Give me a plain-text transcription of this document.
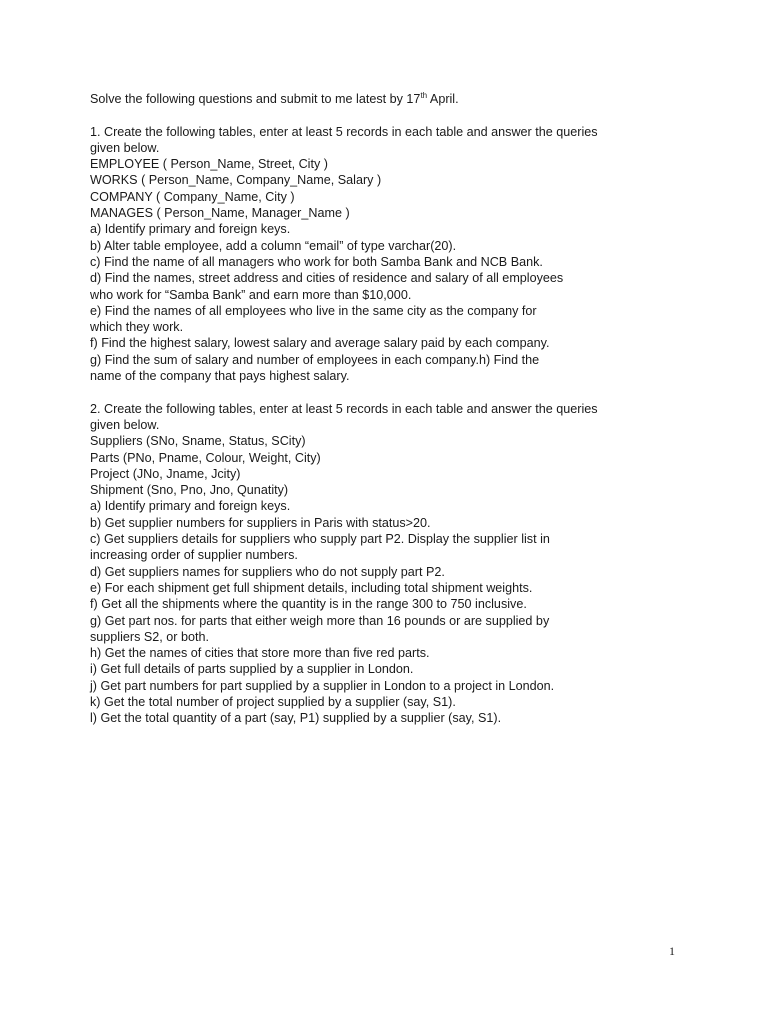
Solve the following questions and submit to me latest by 17th April.
1. Create the following tables, enter at least 5 records in each table and answer the queries
given below.
EMPLOYEE ( Person_Name, Street, City )
WORKS ( Person_Name, Company_Name, Salary )
COMPANY ( Company_Name, City )
MANAGES ( Person_Name, Manager_Name )
a) Identify primary and foreign keys.
b) Alter table employee, add a column “email” of type varchar(20).
c) Find the name of all managers who work for both Samba Bank and NCB Bank.
d) Find the names, street address and cities of residence and salary of all employees
who work for “Samba Bank” and earn more than $10,000.
e) Find the names of all employees who live in the same city as the company for
which they work.
f) Find the highest salary, lowest salary and average salary paid by each company.
g) Find the sum of salary and number of employees in each company.h) Find the
name of the company that pays highest salary.
2. Create the following tables, enter at least 5 records in each table and answer the queries
given below.
Suppliers (SNo, Sname, Status, SCity)
Parts (PNo, Pname, Colour, Weight, City)
Project (JNo, Jname, Jcity)
Shipment (Sno, Pno, Jno, Qunatity)
a) Identify primary and foreign keys.
b) Get supplier numbers for suppliers in Paris with status>20.
c) Get suppliers details for suppliers who supply part P2. Display the supplier list in
increasing order of supplier numbers.
d) Get suppliers names for suppliers who do not supply part P2.
e) For each shipment get full shipment details, including total shipment weights.
f) Get all the shipments where the quantity is in the range 300 to 750 inclusive.
g) Get part nos. for parts that either weigh more than 16 pounds or are supplied by
suppliers S2, or both.
h) Get the names of cities that store more than five red parts.
i) Get full details of parts supplied by a supplier in London.
j) Get part numbers for part supplied by a supplier in London to a project in London.
k) Get the total number of project supplied by a supplier (say, S1).
l) Get the total quantity of a part (say, P1) supplied by a supplier (say, S1).
1
